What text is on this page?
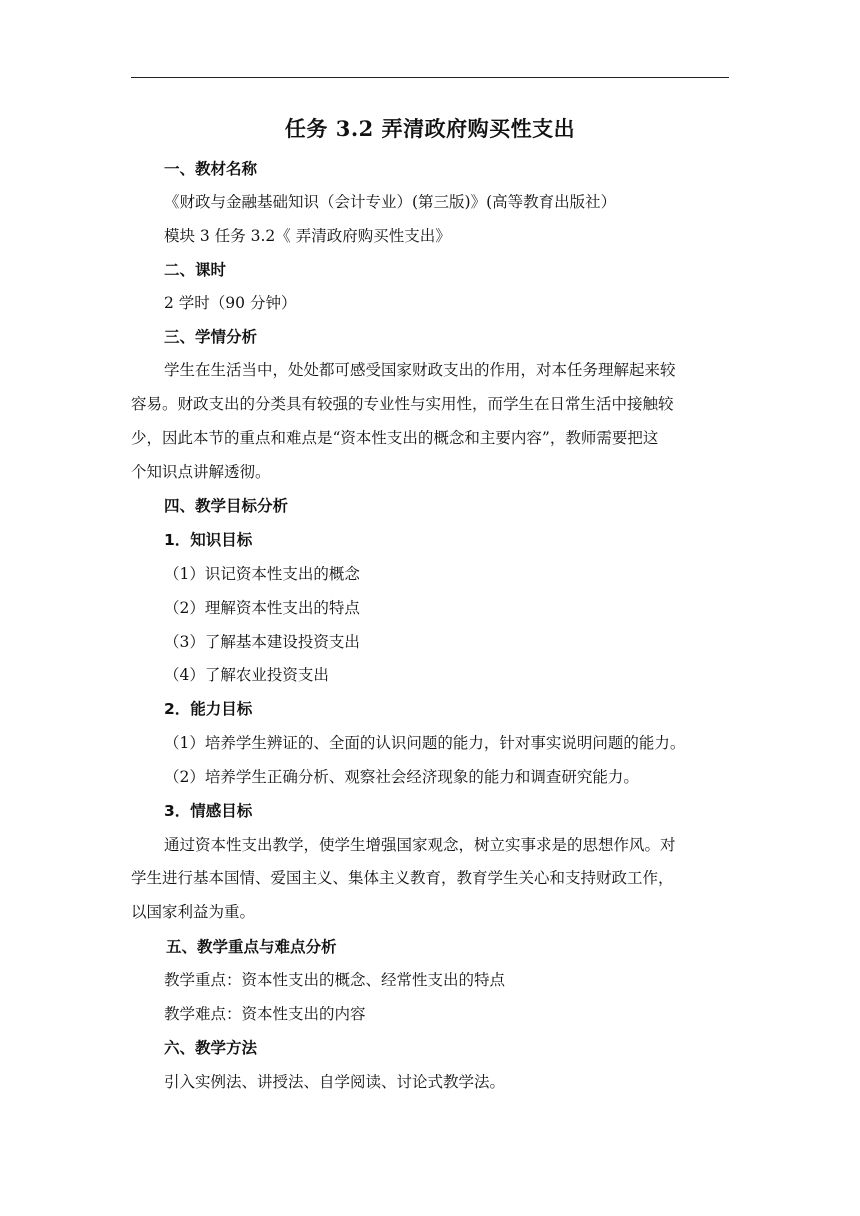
任务 3.2 弄清政府购买性支出
一、教材名称
《财政与金融基础知识（会计专业）(第三版)》(高等教育出版社）
模块 3 任务 3.2《 弄清政府购买性支出》
二、课时
2 学时（90 分钟）
三、学情分析
学生在生活当中，处处都可感受国家财政支出的作用，对本任务理解起来较
容易。财政支出的分类具有较强的专业性与实用性，而学生在日常生活中接触较
少，因此本节的重点和难点是“资本性支出的概念和主要内容”，教师需要把这
个知识点讲解透彻。
四、教学目标分析
1．知识目标
（1）识记资本性支出的概念
（2）理解资本性支出的特点
（3）了解基本建设投资支出
（4）了解农业投资支出
2．能力目标
（1）培养学生辨证的、全面的认识问题的能力，针对事实说明问题的能力。
（2）培养学生正确分析、观察社会经济现象的能力和调查研究能力。
3．情感目标
通过资本性支出教学，使学生增强国家观念，树立实事求是的思想作风。对
学生进行基本国情、爱国主义、集体主义教育，教育学生关心和支持财政工作，
以国家利益为重。
五、教学重点与难点分析
教学重点：资本性支出的概念、经常性支出的特点
教学难点：资本性支出的内容
六、教学方法
引入实例法、讲授法、自学阅读、讨论式教学法。
